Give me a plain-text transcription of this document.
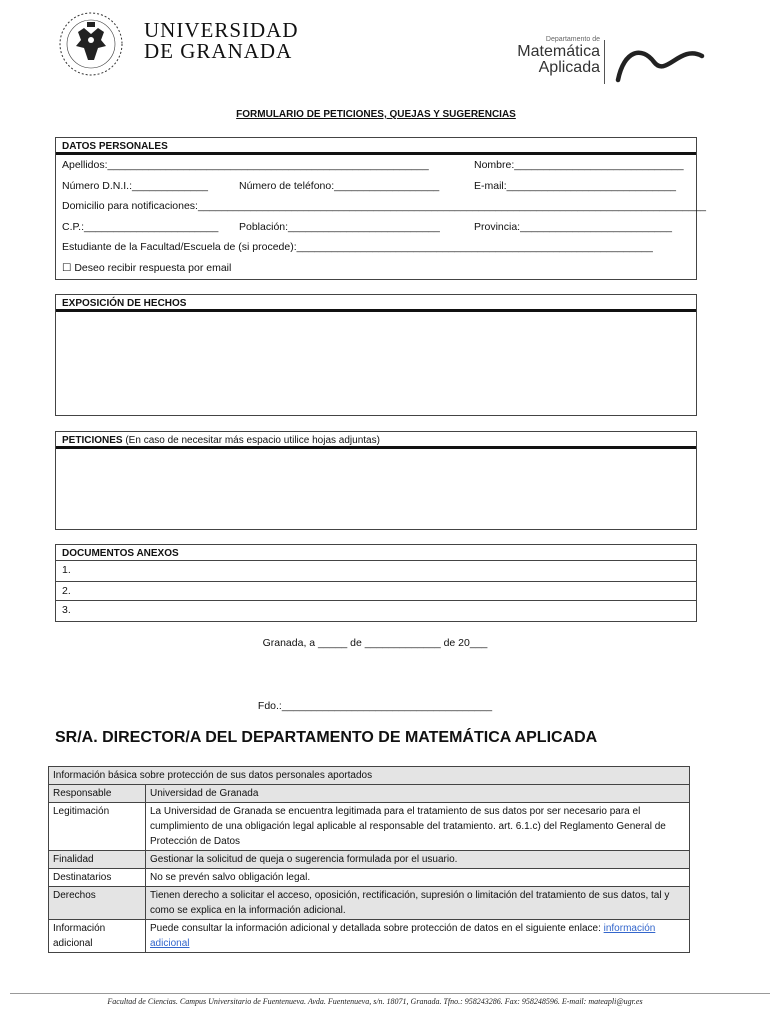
UNIVERSIDAD
DE GRANADA	Departamento de
Matemática
Aplicada
FORMULARIO DE PETICIONES, QUEJAS Y SUGERENCIAS
DATOS PERSONALES
Apellidos:_______________________________________________________	Nombre:_____________________________
Número D.N.I.:_____________	Número de teléfono:__________________	E-mail:_____________________________
Domicilio para notificaciones:_______________________________________________________________________________________
C.P.:_______________________ Población:__________________________	Provincia:__________________________
Estudiante de la Facultad/Escuela de (si procede):_____________________________________________________________
☐ Deseo recibir respuesta por email
EXPOSICIÓN DE HECHOS
PETICIONES (En caso de necesitar más espacio utilice hojas adjuntas)
DOCUMENTOS ANEXOS
1.
2.
3.
Granada, a _____ de _____________ de 20___
Fdo.:____________________________________
SR/A. DIRECTOR/A DEL DEPARTAMENTO DE MATEMÁTICA APLICADA
Información básica sobre protección de sus datos personales aportados	
Responsable	Universidad de Granada
Legitimación	La Universidad de Granada se encuentra legitimada para el tratamiento de sus datos por ser necesario para el cumplimiento de una obligación legal aplicable al responsable del tratamiento. art. 6.1.c) del Reglamento General de Protección de Datos
Finalidad	Gestionar la solicitud de queja o sugerencia formulada por el usuario.
Destinatarios	No se prevén salvo obligación legal.
Derechos	Tienen derecho a solicitar el acceso, oposición, rectificación, supresión o limitación del tratamiento de sus datos, tal y como se explica en la información adicional.
Información adicional	Puede consultar la información adicional y detallada sobre protección de datos en el siguiente enlace: información adicional
Facultad de Ciencias. Campus Universitario de Fuentenueva. Avda. Fuentenueva, s/n. 18071, Granada. Tfno.: 958243286. Fax: 958248596. E-mail: mateapli@ugr.es
